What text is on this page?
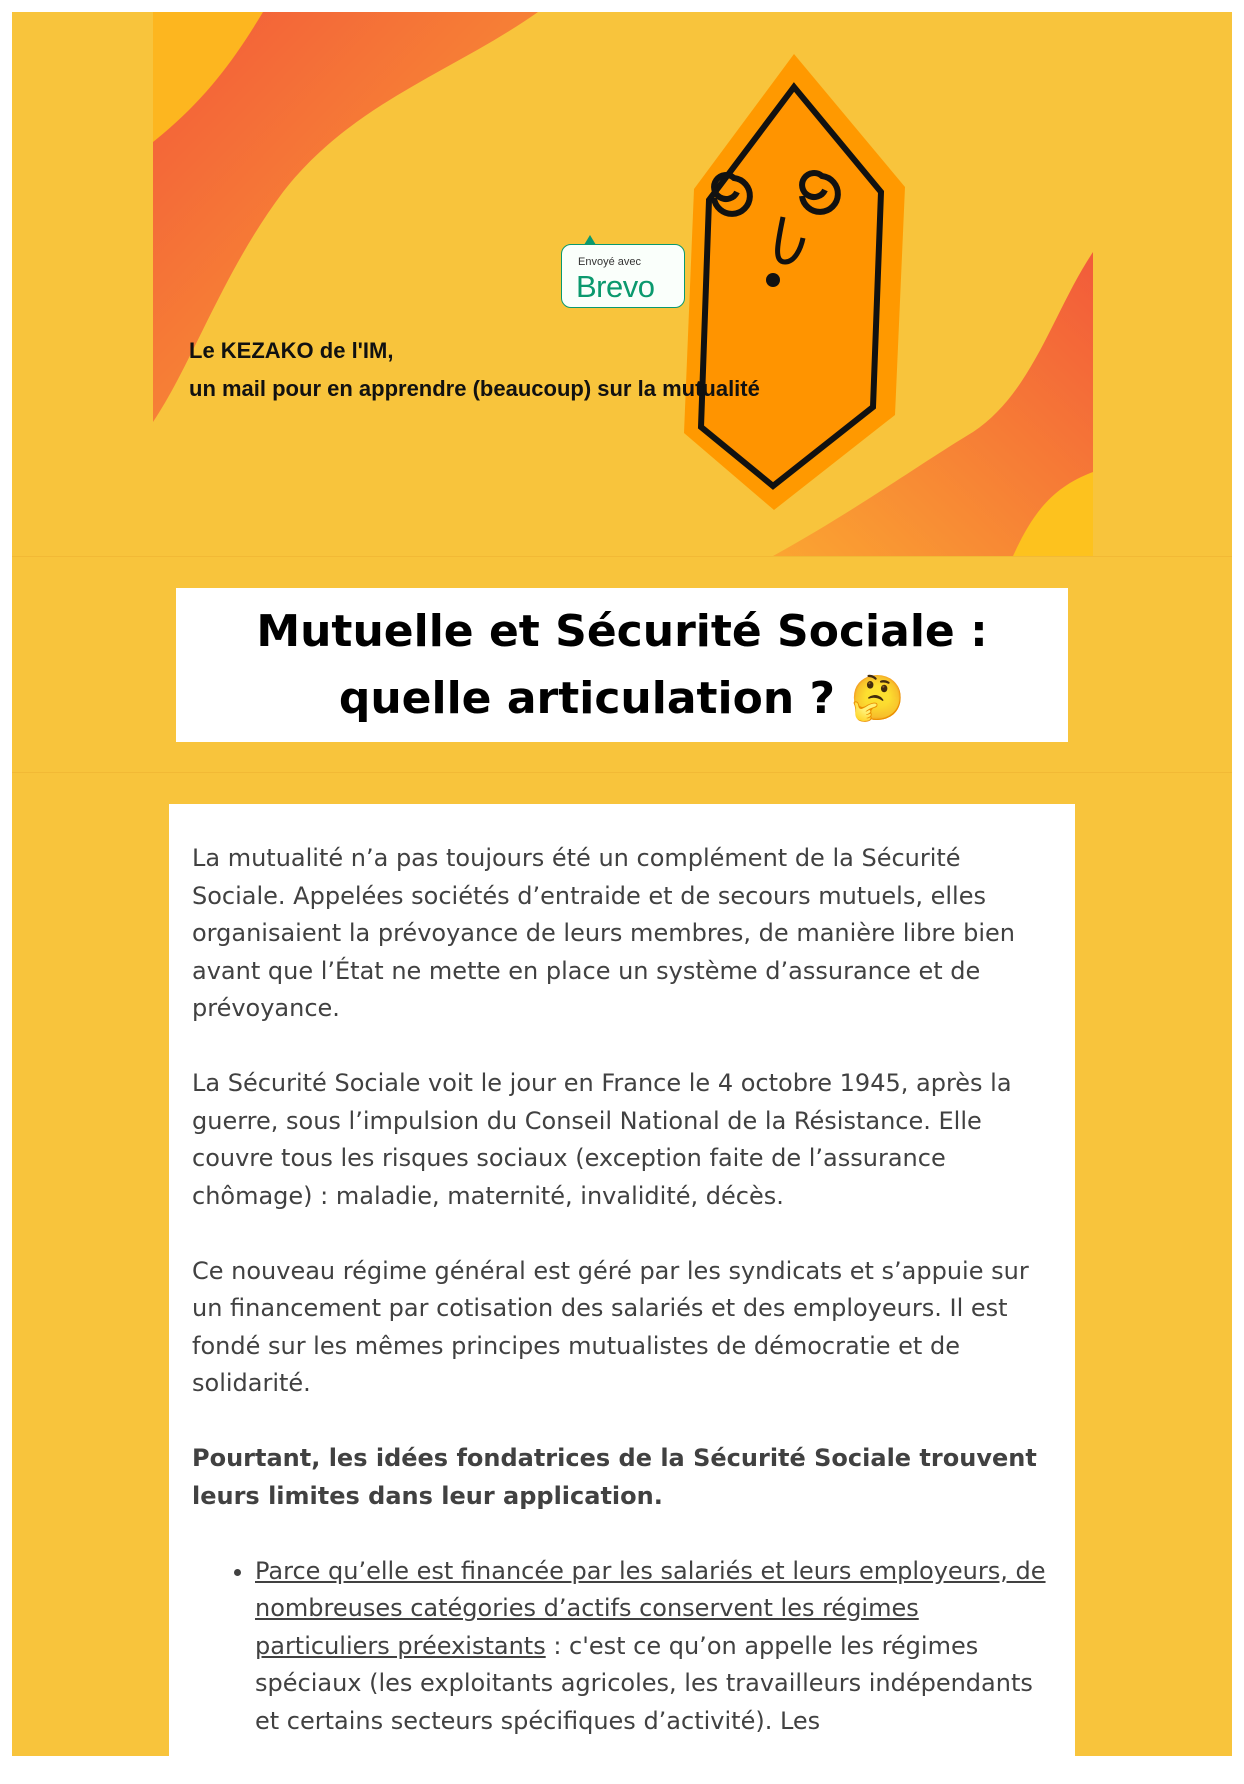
Envoyé avec
Brevo
Le KEZAKO de l'IM,
un mail pour en apprendre (beaucoup) sur la mutualité
Mutuelle et Sécurité Sociale : quelle articulation ? 🤔

La mutualité n’a pas toujours été un complément de la Sécurité Sociale. Appelées sociétés d’entraide et de secours mutuels, elles organisaient la prévoyance de leurs membres, de manière libre bien avant que l’État ne mette en place un système d’assurance et de prévoyance.

La Sécurité Sociale voit le jour en France le 4 octobre 1945, après la guerre, sous l’impulsion du Conseil National de la Résistance. Elle couvre tous les risques sociaux (exception faite de l’assurance chômage) : maladie, maternité, invalidité, décès.

Ce nouveau régime général est géré par les syndicats et s’appuie sur un financement par cotisation des salariés et des employeurs. Il est fondé sur les mêmes principes mutualistes de démocratie et de solidarité.

Pourtant, les idées fondatrices de la Sécurité Sociale trouvent leurs limites dans leur application.

• Parce qu’elle est financée par les salariés et leurs employeurs, de nombreuses catégories d’actifs conservent les régimes particuliers préexistants : c'est ce qu’on appelle les régimes spéciaux (les exploitants agricoles, les travailleurs indépendants et certains secteurs spécifiques d’activité). Les
